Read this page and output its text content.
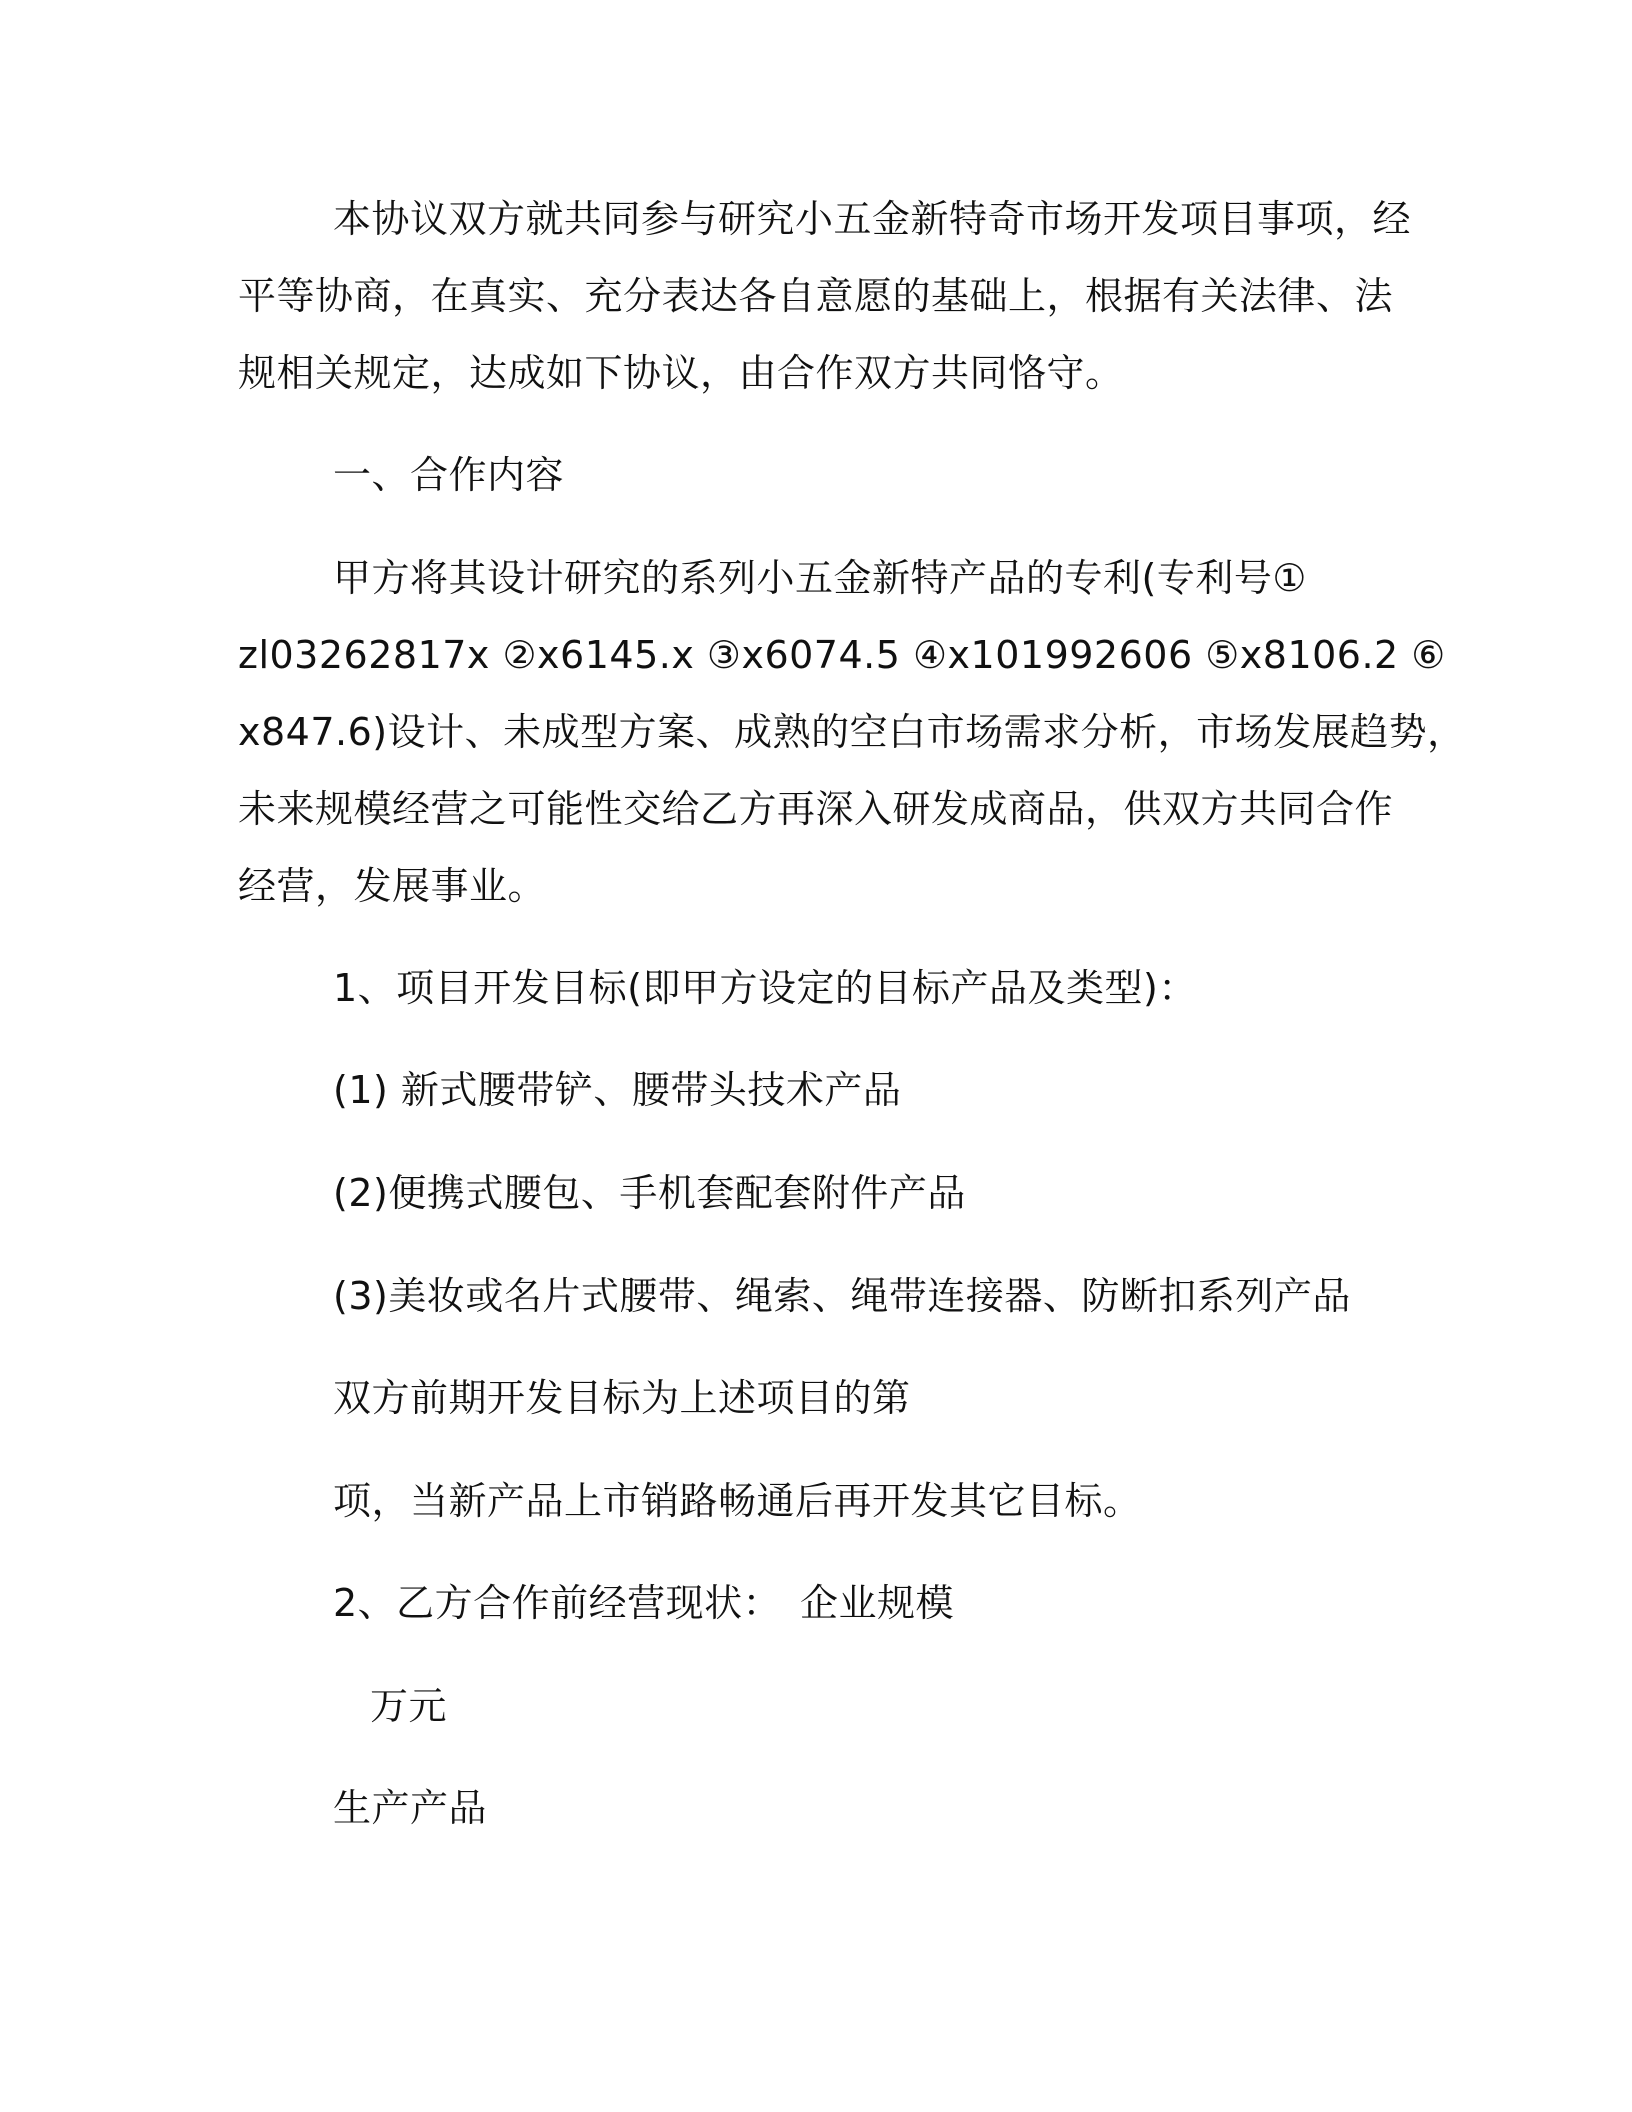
本协议双方就共同参与研究小五金新特奇市场开发项目事项，经
平等协商，在真实、充分表达各自意愿的基础上，根据有关法律、法
规相关规定，达成如下协议，由合作双方共同恪守。
一、合作内容
甲方将其设计研究的系列小五金新特产品的专利(专利号①
zl03262817x ②x6145.x ③x6074.5 ④x101992606 ⑤x8106.2 ⑥
x847.6)设计、未成型方案、成熟的空白市场需求分析，市场发展趋势，
未来规模经营之可能性交给乙方再深入研发成商品，供双方共同合作
经营，发展事业。
1、项目开发目标(即甲方设定的目标产品及类型)：
(1) 新式腰带铲、腰带头技术产品
(2)便携式腰包、手机套配套附件产品
(3)美妆或名片式腰带、绳索、绳带连接器、防断扣系列产品
双方前期开发目标为上述项目的第
项，当新产品上市销路畅通后再开发其它目标。
2、乙方合作前经营现状： 企业规模
万元
生产产品
